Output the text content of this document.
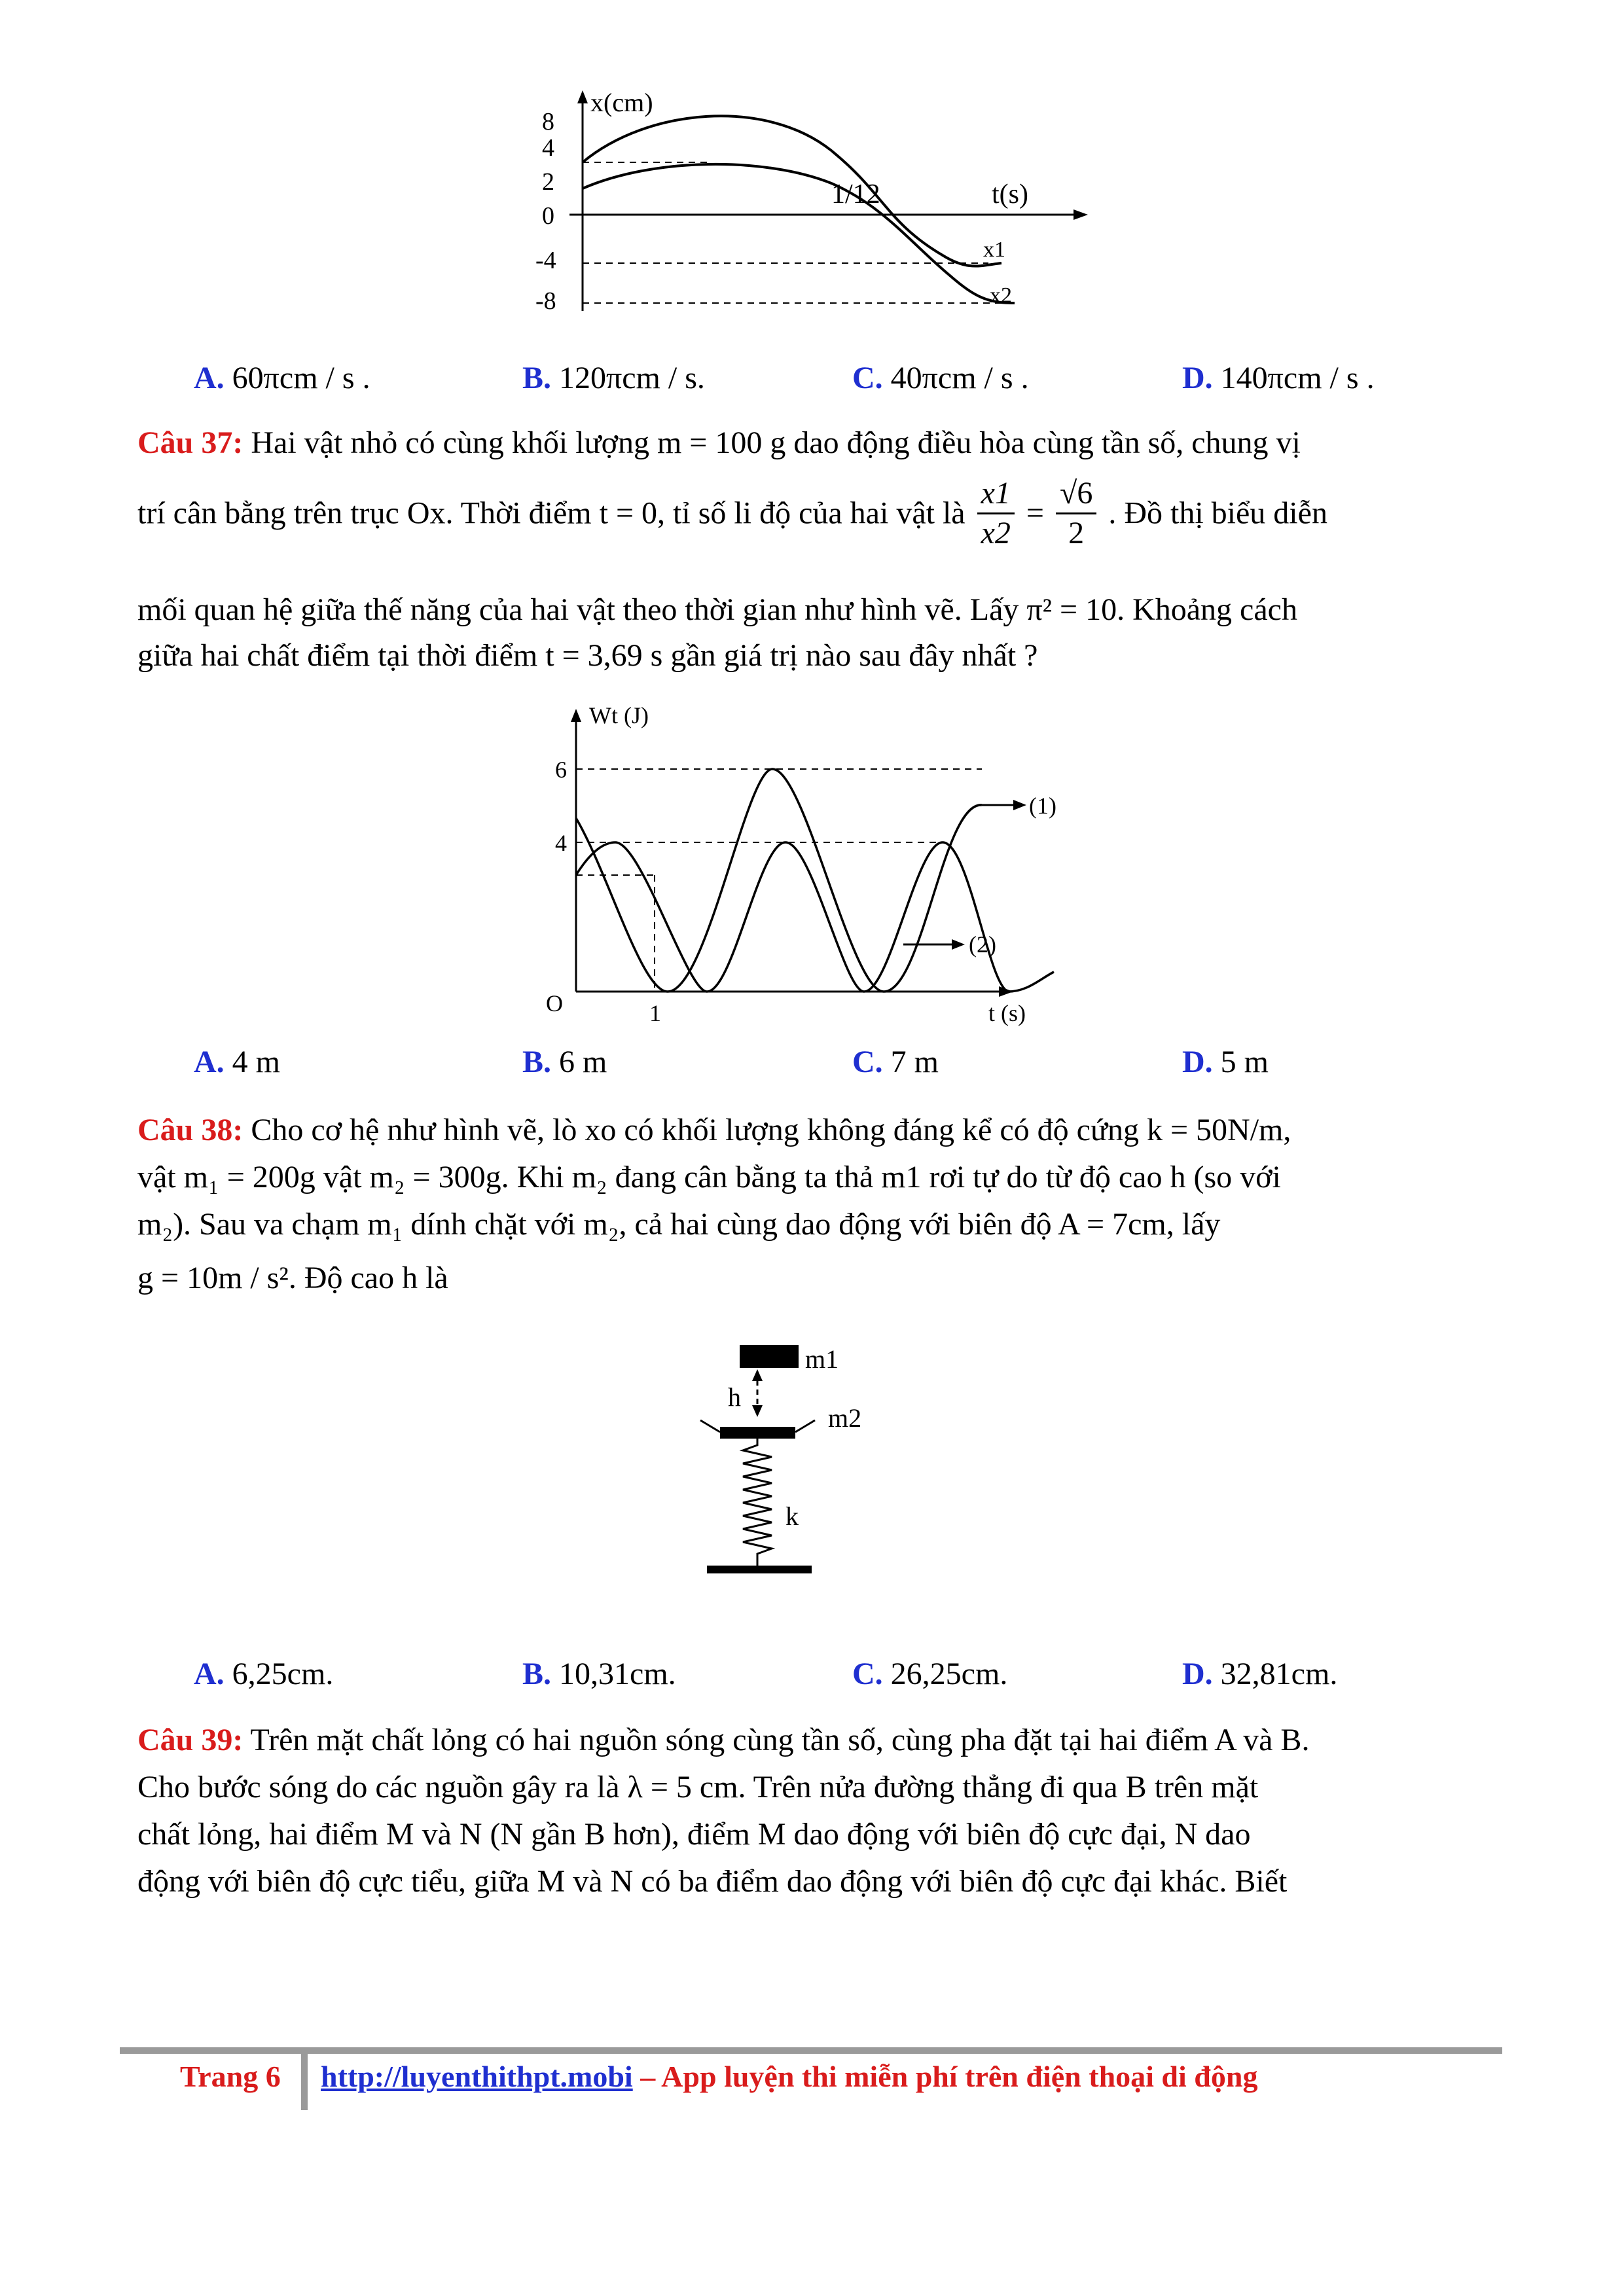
8
4
2
0
-4
-8
x(cm)
t(s)
1/12
x1
x2
A. 60πcm / s .	B. 120πcm / s.	C. 40πcm / s .	D. 140πcm / s .
Câu 37: Hai vật nhỏ có cùng khối lượng m = 100 g dao động điều hòa cùng tần số, chung vị
trí cân bằng trên trục Ox. Thời điểm t = 0, tỉ số li độ của hai vật là $\frac{x1}{x2} = \frac{√6}{2}$ . Đồ thị biểu diễn
mối quan hệ giữa thế năng của hai vật theo thời gian như hình vẽ. Lấy π² = 10. Khoảng cách
giữa hai chất điểm tại thời điểm t = 3,69 s gần giá trị nào sau đây nhất ?
Wt (J)
6
4
O	1	t (s)
(1)
(2)
A. 4 m	B. 6 m	C. 7 m	D. 5 m
Câu 38: Cho cơ hệ như hình vẽ, lò xo có khối lượng không đáng kể có độ cứng k = 50N/m,
vật m₁ = 200g vật m₂ = 300g. Khi m₂ đang cân bằng ta thả m1 rơi tự do từ độ cao h (so với
m₂). Sau va chạm m₁ dính chặt với m₂, cả hai cùng dao động với biên độ A = 7cm, lấy
g = 10m / s². Độ cao h là
m1
h
m2
k
A. 6,25cm.	B. 10,31cm.	C. 26,25cm.	D. 32,81cm.
Câu 39: Trên mặt chất lỏng có hai nguồn sóng cùng tần số, cùng pha đặt tại hai điểm A và B.
Cho bước sóng do các nguồn gây ra là λ = 5 cm. Trên nửa đường thẳng đi qua B trên mặt
chất lỏng, hai điểm M và N (N gần B hơn), điểm M dao động với biên độ cực đại, N dao
động với biên độ cực tiểu, giữa M và N có ba điểm dao động với biên độ cực đại khác. Biết
Trang 6 http://luyenthithpt.mobi – App luyện thi miễn phí trên điện thoại di động
